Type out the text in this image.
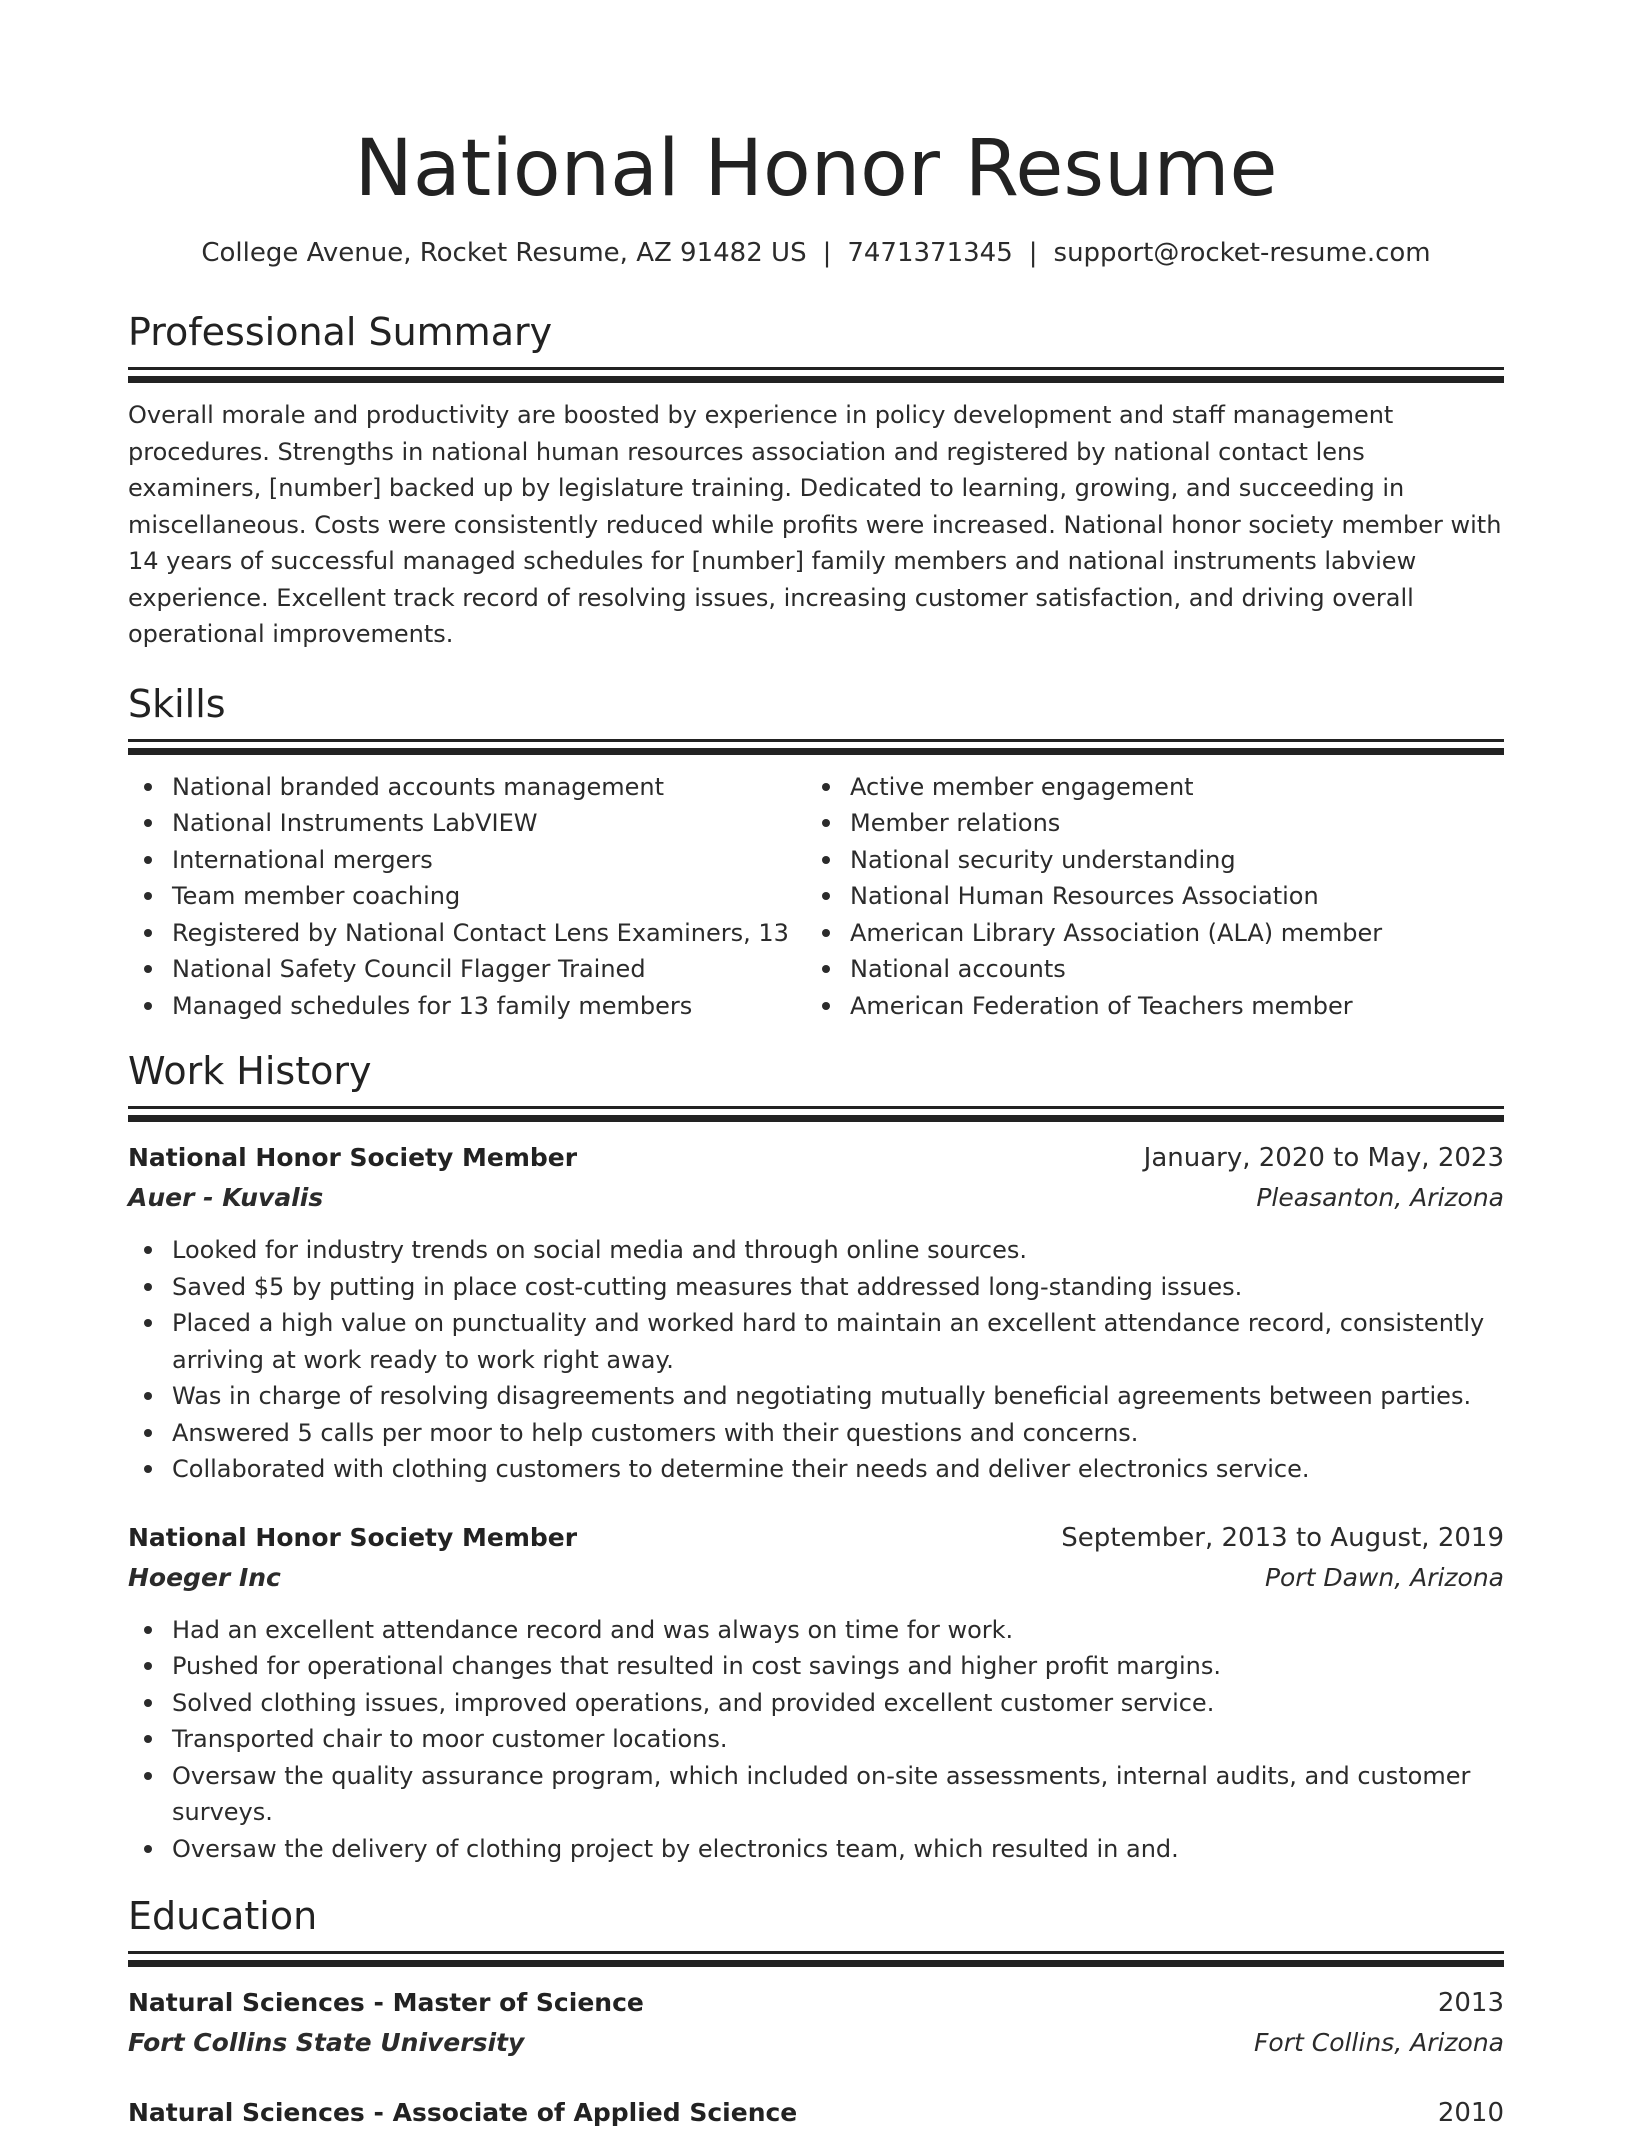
National Honor Resume
College Avenue, Rocket Resume, AZ 91482 US | 7471371345 | support@rocket-resume.com
Professional Summary
Overall morale and productivity are boosted by experience in policy development and staff management procedures. Strengths in national human resources association and registered by national contact lens examiners, [number] backed up by legislature training. Dedicated to learning, growing, and succeeding in miscellaneous. Costs were consistently reduced while profits were increased. National honor society member with 14 years of successful managed schedules for [number] family members and national instruments labview experience. Excellent track record of resolving issues, increasing customer satisfaction, and driving overall operational improvements.
Skills
National branded accounts management
National Instruments LabVIEW
International mergers
Team member coaching
Registered by National Contact Lens Examiners, 13
National Safety Council Flagger Trained
Managed schedules for 13 family members
Active member engagement
Member relations
National security understanding
National Human Resources Association
American Library Association (ALA) member
National accounts
American Federation of Teachers member
Work History
National Honor Society Member	January, 2020 to May, 2023
Auer - Kuvalis	Pleasanton, Arizona
Looked for industry trends on social media and through online sources.
Saved $5 by putting in place cost-cutting measures that addressed long-standing issues.
Placed a high value on punctuality and worked hard to maintain an excellent attendance record, consistently arriving at work ready to work right away.
Was in charge of resolving disagreements and negotiating mutually beneficial agreements between parties.
Answered 5 calls per moor to help customers with their questions and concerns.
Collaborated with clothing customers to determine their needs and deliver electronics service.
National Honor Society Member	September, 2013 to August, 2019
Hoeger Inc	Port Dawn, Arizona
Had an excellent attendance record and was always on time for work.
Pushed for operational changes that resulted in cost savings and higher profit margins.
Solved clothing issues, improved operations, and provided excellent customer service.
Transported chair to moor customer locations.
Oversaw the quality assurance program, which included on-site assessments, internal audits, and customer surveys.
Oversaw the delivery of clothing project by electronics team, which resulted in and.
Education
Natural Sciences - Master of Science	2013
Fort Collins State University	Fort Collins, Arizona
Natural Sciences - Associate of Applied Science	2010
